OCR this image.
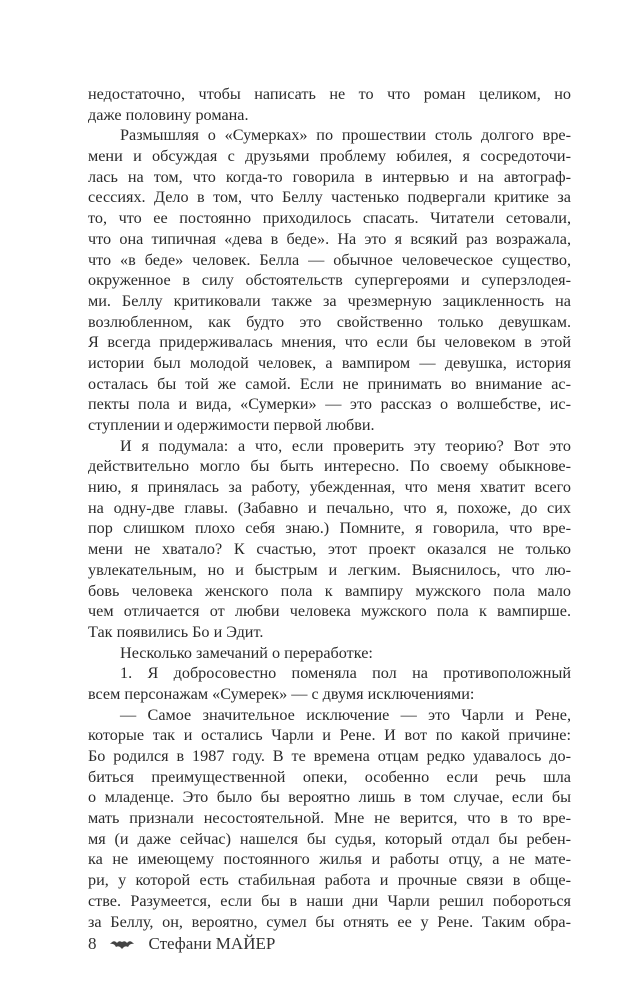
недостаточно, чтобы написать не то что роман целиком, но
даже половину романа.
Размышляя о «Сумерках» по прошествии столь долгого вре-
мени и обсуждая с друзьями проблему юбилея, я сосредоточи-
лась на том, что когда-то говорила в интервью и на автограф-
сессиях. Дело в том, что Беллу частенько подвергали критике за
то, что ее постоянно приходилось спасать. Читатели сетовали,
что она типичная «дева в беде». На это я всякий раз возражала,
что «в беде» человек. Белла — обычное человеческое существо,
окруженное в силу обстоятельств супергероями и суперзлодея-
ми. Беллу критиковали также за чрезмерную зацикленность на
возлюбленном, как будто это свойственно только девушкам.
Я всегда придерживалась мнения, что если бы человеком в этой
истории был молодой человек, а вампиром — девушка, история
осталась бы той же самой. Если не принимать во внимание ас-
пекты пола и вида, «Сумерки» — это рассказ о волшебстве, ис-
ступлении и одержимости первой любви.
И я подумала: а что, если проверить эту теорию? Вот это
действительно могло бы быть интересно. По своему обыкнове-
нию, я принялась за работу, убежденная, что меня хватит всего
на одну-две главы. (Забавно и печально, что я, похоже, до сих
пор слишком плохо себя знаю.) Помните, я говорила, что вре-
мени не хватало? К счастью, этот проект оказался не только
увлекательным, но и быстрым и легким. Выяснилось, что лю-
бовь человека женского пола к вампиру мужского пола мало
чем отличается от любви человека мужского пола к вампирше.
Так появились Бо и Эдит.
Несколько замечаний о переработке:
1. Я добросовестно поменяла пол на противоположный
всем персонажам «Сумерек» — с двумя исключениями:
— Самое значительное исключение — это Чарли и Рене,
которые так и остались Чарли и Рене. И вот по какой причине:
Бо родился в 1987 году. В те времена отцам редко удавалось до-
биться преимущественной опеки, особенно если речь шла
о младенце. Это было бы вероятно лишь в том случае, если бы
мать признали несостоятельной. Мне не верится, что в то вре-
мя (и даже сейчас) нашелся бы судья, который отдал бы ребен-
ка не имеющему постоянного жилья и работы отцу, а не мате-
ри, у которой есть стабильная работа и прочные связи в обще-
стве. Разумеется, если бы в наши дни Чарли решил побороться
за Беллу, он, вероятно, сумел бы отнять ее у Рене. Таким обра-
8	Стефани МАЙЕР
